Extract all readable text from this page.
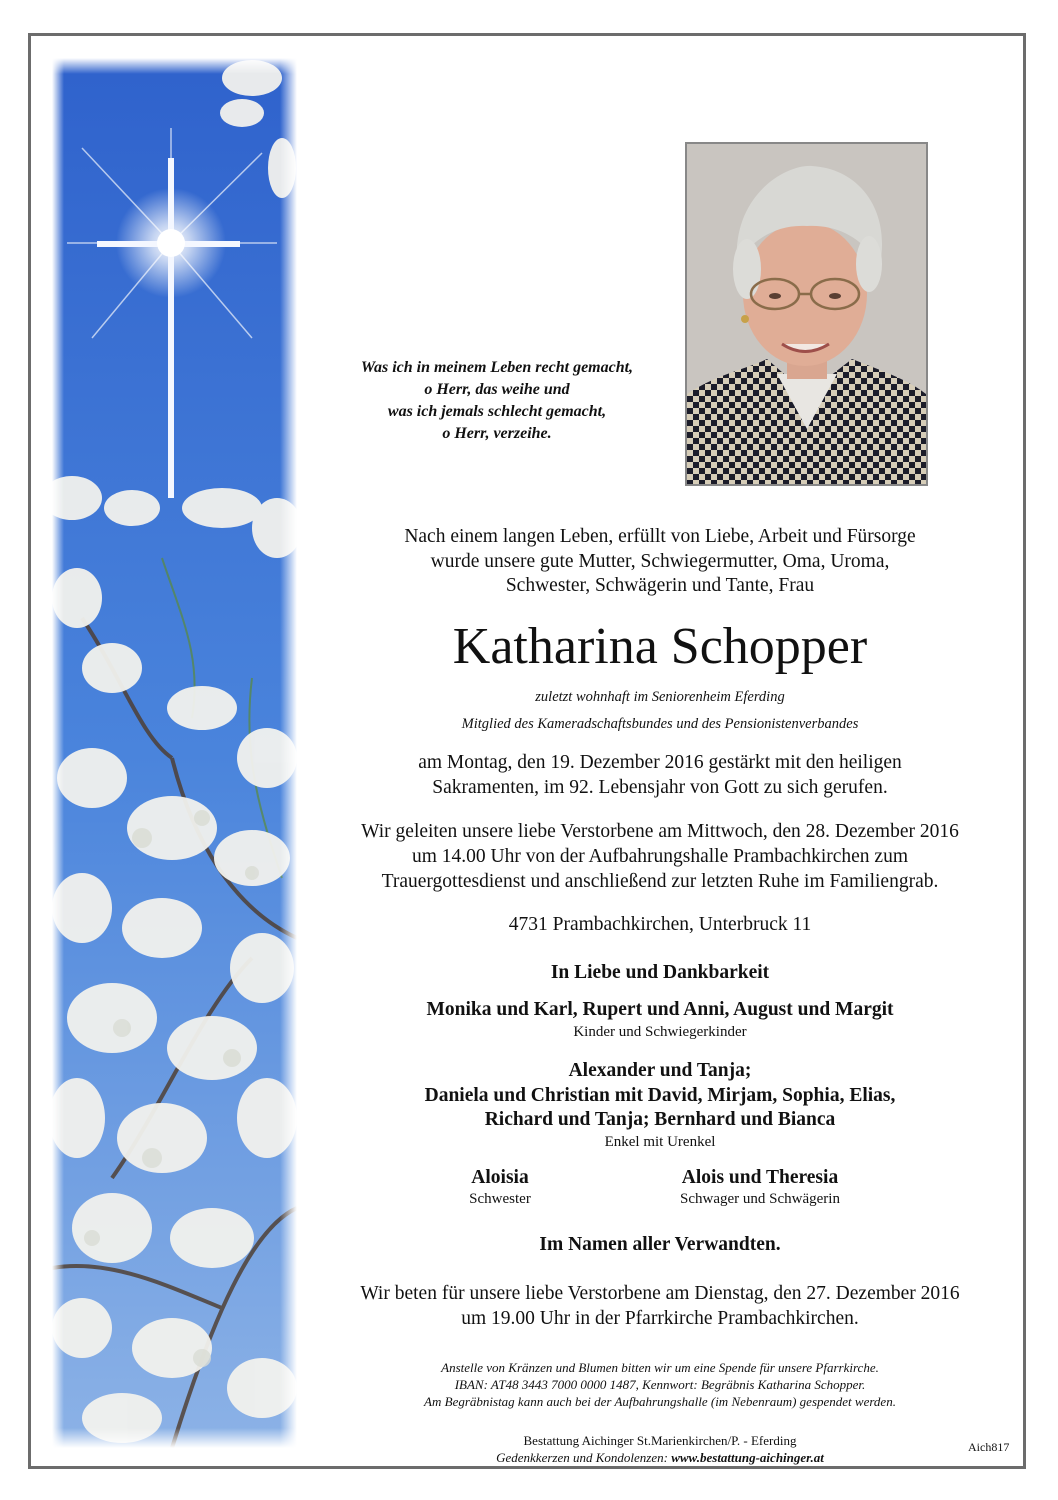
Was ich in meinem Leben recht gemacht,
o Herr, das weihe und
was ich jemals schlecht gemacht,
o Herr, verzeihe.
Nach einem langen Leben, erfüllt von Liebe, Arbeit und Fürsorge
wurde unsere gute Mutter, Schwiegermutter, Oma, Uroma,
Schwester, Schwägerin und Tante, Frau
Katharina Schopper
zuletzt wohnhaft im Seniorenheim Eferding
Mitglied des Kameradschaftsbundes und des Pensionistenverbandes
am Montag, den 19. Dezember 2016 gestärkt mit den heiligen
Sakramenten, im 92. Lebensjahr von Gott zu sich gerufen.
Wir geleiten unsere liebe Verstorbene am Mittwoch, den 28. Dezember 2016
um 14.00 Uhr von der Aufbahrungshalle Prambachkirchen zum
Trauergottesdienst und anschließend zur letzten Ruhe im Familiengrab.
4731 Prambachkirchen, Unterbruck 11
In Liebe und Dankbarkeit
Monika und Karl, Rupert und Anni, August und Margit
Kinder und Schwiegerkinder
Alexander und Tanja;
Daniela und Christian mit David, Mirjam, Sophia, Elias,
Richard und Tanja; Bernhard und Bianca
Enkel mit Urenkel
Aloisia
Schwester
Alois und Theresia
Schwager und Schwägerin
Im Namen aller Verwandten.
Wir beten für unsere liebe Verstorbene am Dienstag, den 27. Dezember 2016
um 19.00 Uhr in der Pfarrkirche Prambachkirchen.
Anstelle von Kränzen und Blumen bitten wir um eine Spende für unsere Pfarrkirche.
IBAN: AT48 3443 7000 0000 1487, Kennwort: Begräbnis Katharina Schopper.
Am Begräbnistag kann auch bei der Aufbahrungshalle (im Nebenraum) gespendet werden.
Bestattung Aichinger St.Marienkirchen/P. - Eferding
Gedenkkerzen und Kondolenzen: www.bestattung-aichinger.at
Aich817
